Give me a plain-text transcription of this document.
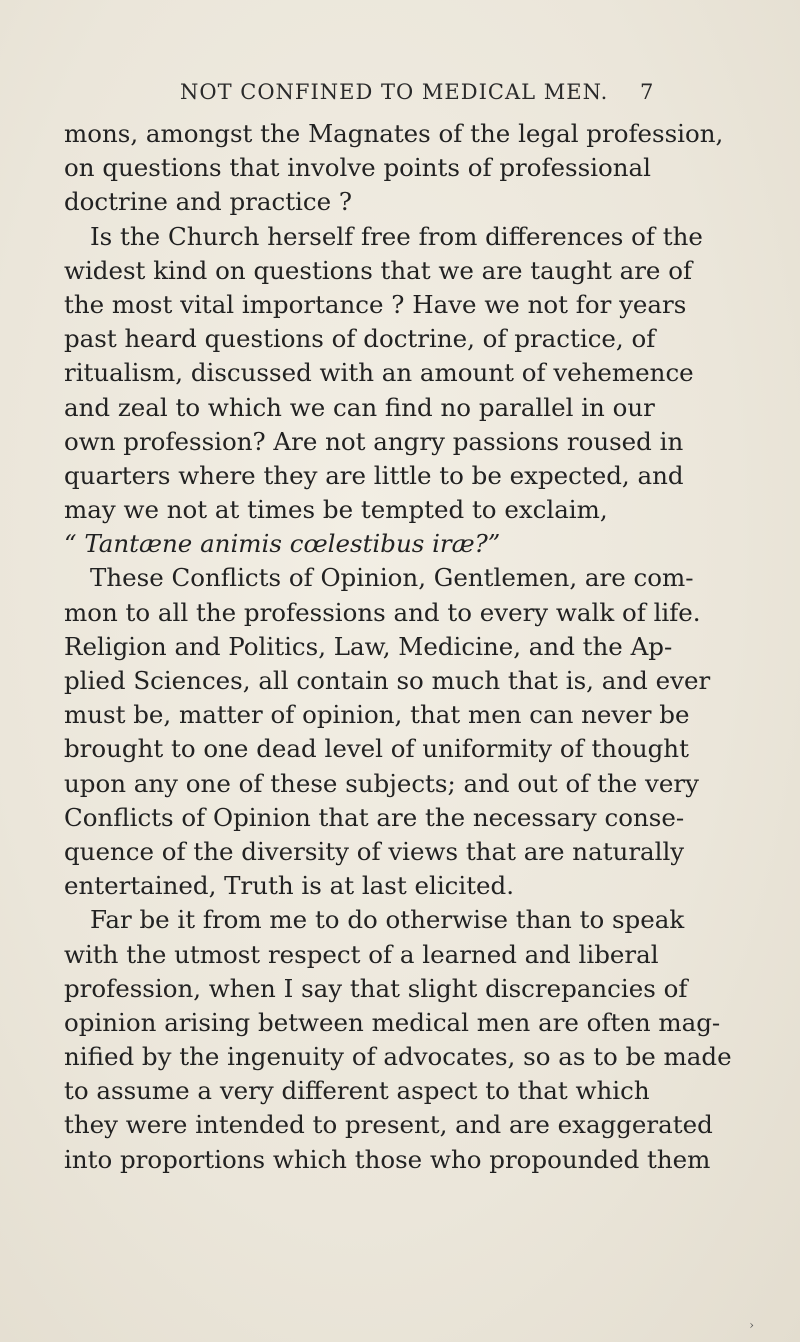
NOT CONFINED TO MEDICAL MEN. 7
mons, amongst the Magnates of the legal profession,
on questions that involve points of professional
doctrine and practice ?
Is the Church herself free from differences of the
widest kind on questions that we are taught are of
the most vital importance ? Have we not for years
past heard questions of doctrine, of practice, of
ritualism, discussed with an amount of vehemence
and zeal to which we can find no parallel in our
own profession? Are not angry passions roused in
quarters where they are little to be expected, and
may we not at times be tempted to exclaim,
“ Tantæne animis cœlestibus iræ?”
These Conflicts of Opinion, Gentlemen, are com-
mon to all the professions and to every walk of life.
Religion and Politics, Law, Medicine, and the Ap-
plied Sciences, all contain so much that is, and ever
must be, matter of opinion, that men can never be
brought to one dead level of uniformity of thought
upon any one of these subjects; and out of the very
Conflicts of Opinion that are the necessary conse-
quence of the diversity of views that are naturally
entertained, Truth is at last elicited.
Far be it from me to do otherwise than to speak
with the utmost respect of a learned and liberal
profession, when I say that slight discrepancies of
opinion arising between medical men are often mag-
nified by the ingenuity of advocates, so as to be made
to assume a very different aspect to that which
they were intended to present, and are exaggerated
into proportions which those who propounded them
›
